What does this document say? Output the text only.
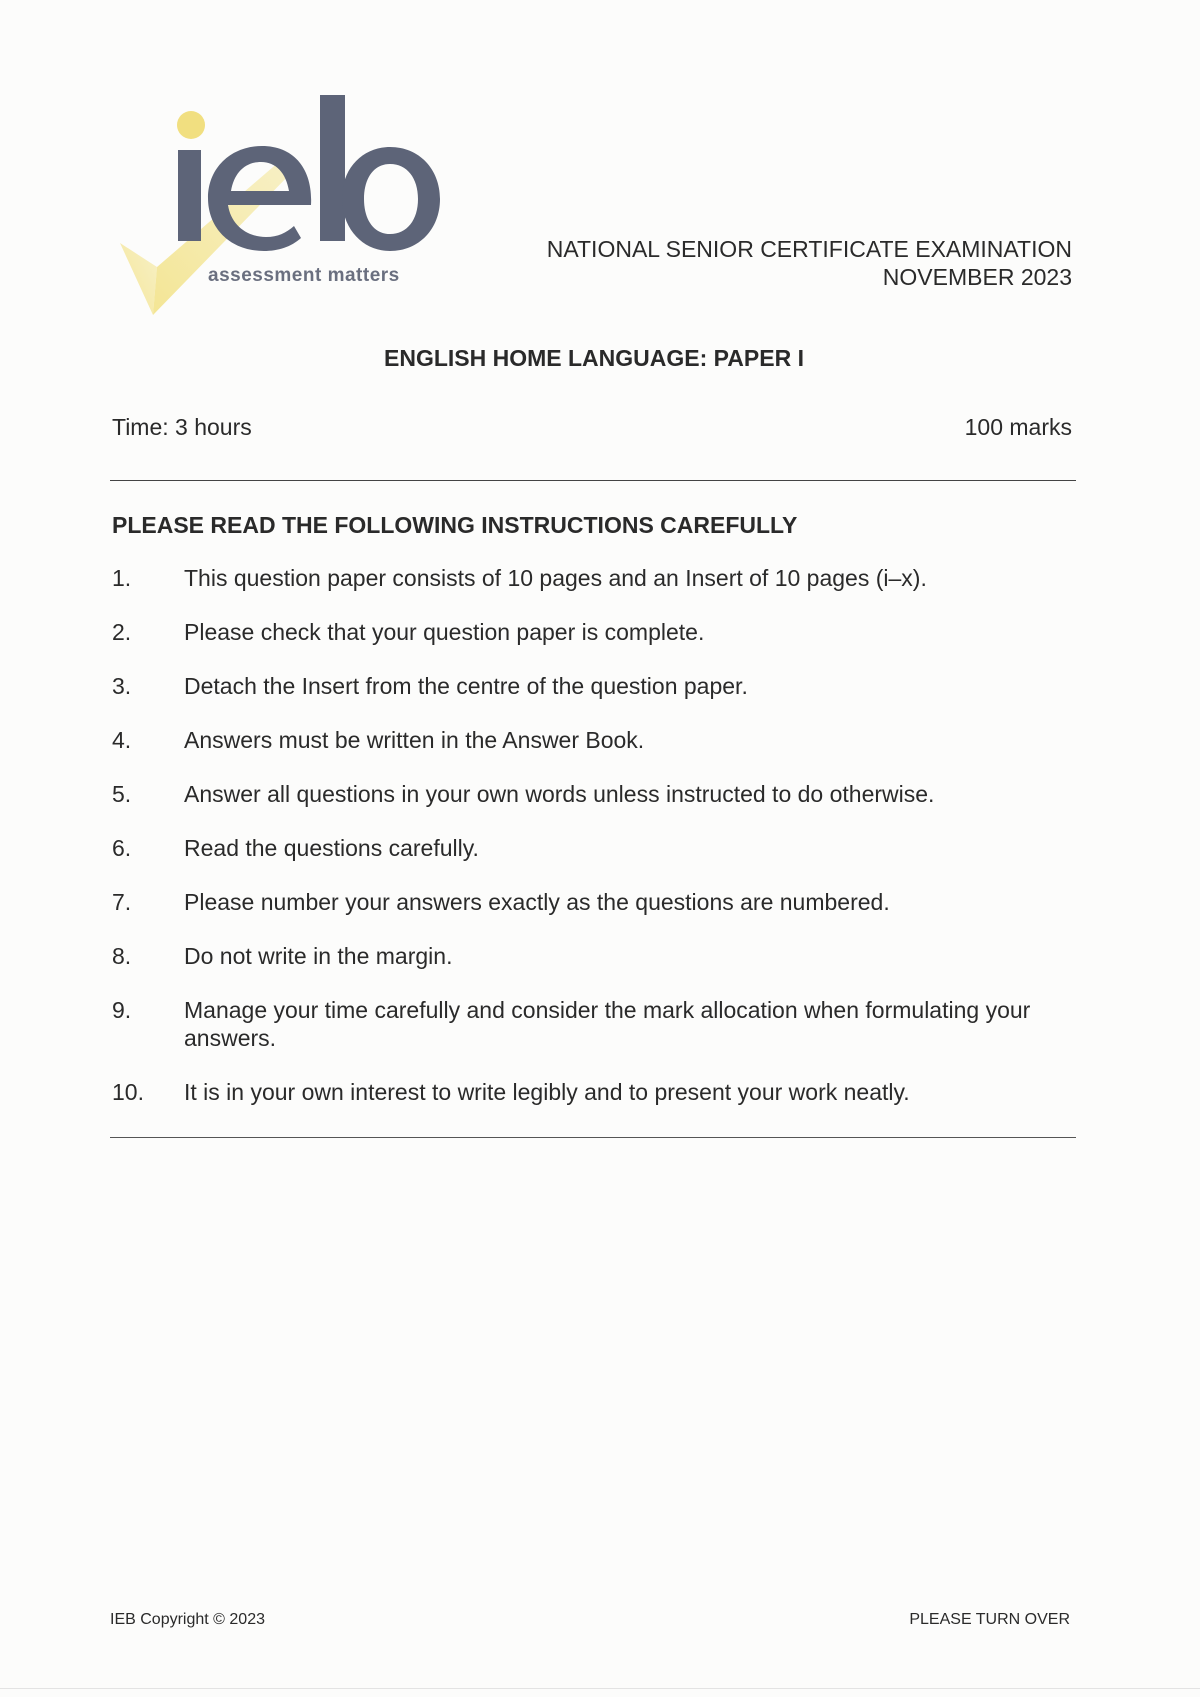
assessment matters
NATIONAL SENIOR CERTIFICATE EXAMINATION
NOVEMBER 2023
ENGLISH HOME LANGUAGE: PAPER I
Time: 3 hours	100 marks
PLEASE READ THE FOLLOWING INSTRUCTIONS CAREFULLY
1. This question paper consists of 10 pages and an Insert of 10 pages (i–x).
2. Please check that your question paper is complete.
3. Detach the Insert from the centre of the question paper.
4. Answers must be written in the Answer Book.
5. Answer all questions in your own words unless instructed to do otherwise.
6. Read the questions carefully.
7. Please number your answers exactly as the questions are numbered.
8. Do not write in the margin.
9. Manage your time carefully and consider the mark allocation when formulating your answers.
10. It is in your own interest to write legibly and to present your work neatly.
IEB Copyright © 2023	PLEASE TURN OVER
